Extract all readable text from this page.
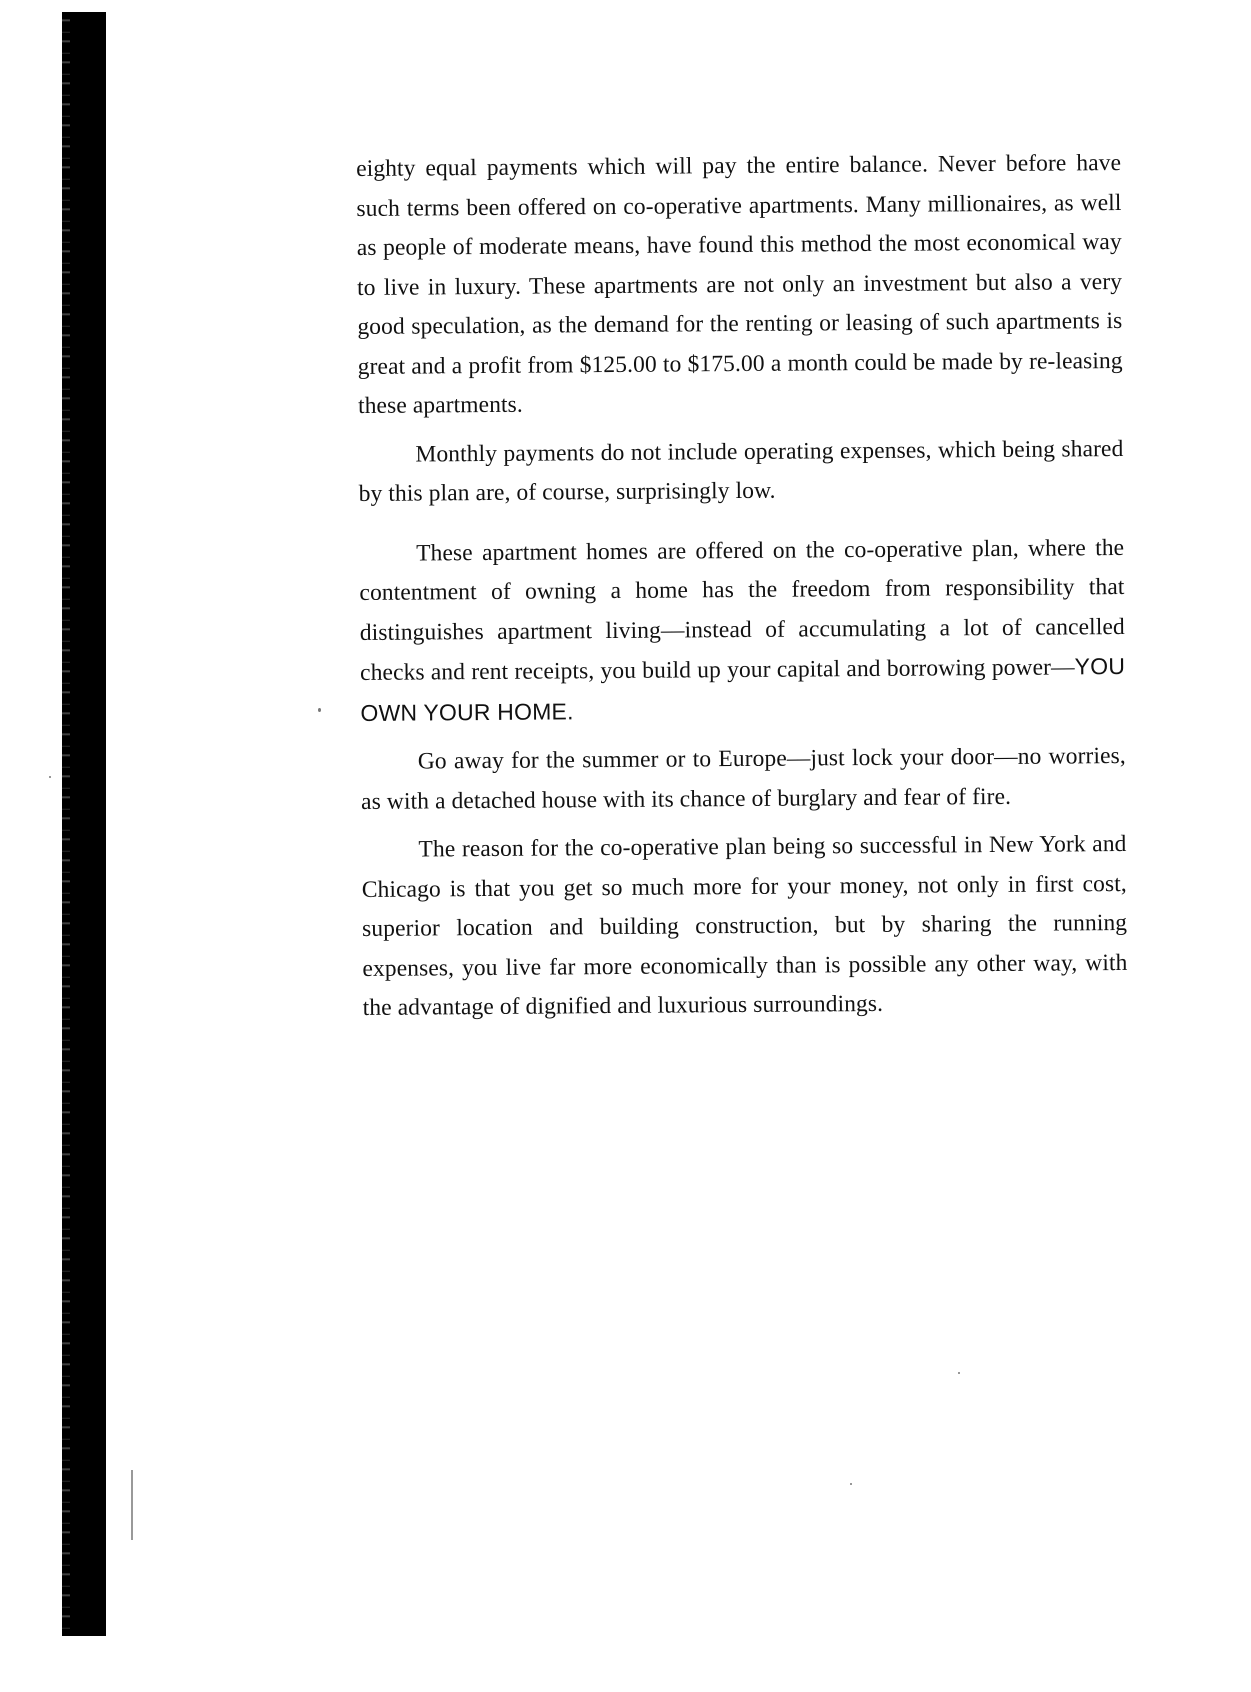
eighty equal payments which will pay the entire balance. Never before have such terms been offered on co-operative apartments. Many millionaires, as well as people of moderate means, have found this method the most economical way to live in luxury. These apartments are not only an investment but also a very good speculation, as the demand for the renting or leasing of such apartments is great and a profit from $125.00 to $175.00 a month could be made by re-leasing these apartments.

Monthly payments do not include operating expenses, which being shared by this plan are, of course, surprisingly low.

These apartment homes are offered on the co-operative plan, where the contentment of owning a home has the freedom from responsibility that distinguishes apartment living—instead of accumulating a lot of cancelled checks and rent receipts, you build up your capital and borrowing power—YOU OWN YOUR HOME.

Go away for the summer or to Europe—just lock your door—no worries, as with a detached house with its chance of burglary and fear of fire.

The reason for the co-operative plan being so successful in New York and Chicago is that you get so much more for your money, not only in first cost, superior location and building construction, but by sharing the running expenses, you live far more economically than is possible any other way, with the advantage of dignified and luxurious surroundings.
